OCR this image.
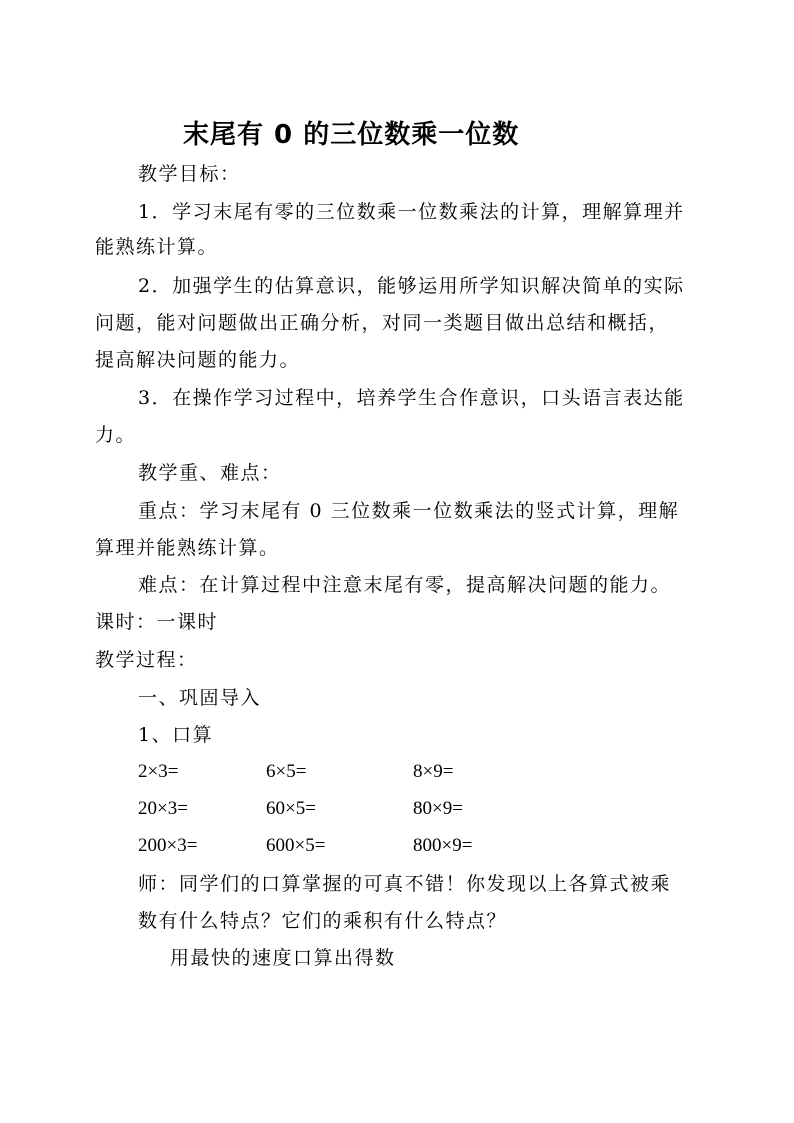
末尾有 0 的三位数乘一位数
教学目标：
1．学习末尾有零的三位数乘一位数乘法的计算，理解算理并
能熟练计算。
2．加强学生的估算意识，能够运用所学知识解决简单的实际
问题，能对问题做出正确分析，对同一类题目做出总结和概括，
提高解决问题的能力。
3．在操作学习过程中，培养学生合作意识，口头语言表达能
力。
教学重、难点：
重点：学习末尾有 0 三位数乘一位数乘法的竖式计算，理解
算理并能熟练计算。
难点：在计算过程中注意末尾有零，提高解决问题的能力。
课时：一课时
教学过程：
一、巩固导入
1、口算
2×3=	6×5=	8×9=
20×3=	60×5=	80×9=
200×3=	600×5=	800×9=
师：同学们的口算掌握的可真不错！你发现以上各算式被乘
数有什么特点？它们的乘积有什么特点？
用最快的速度口算出得数
